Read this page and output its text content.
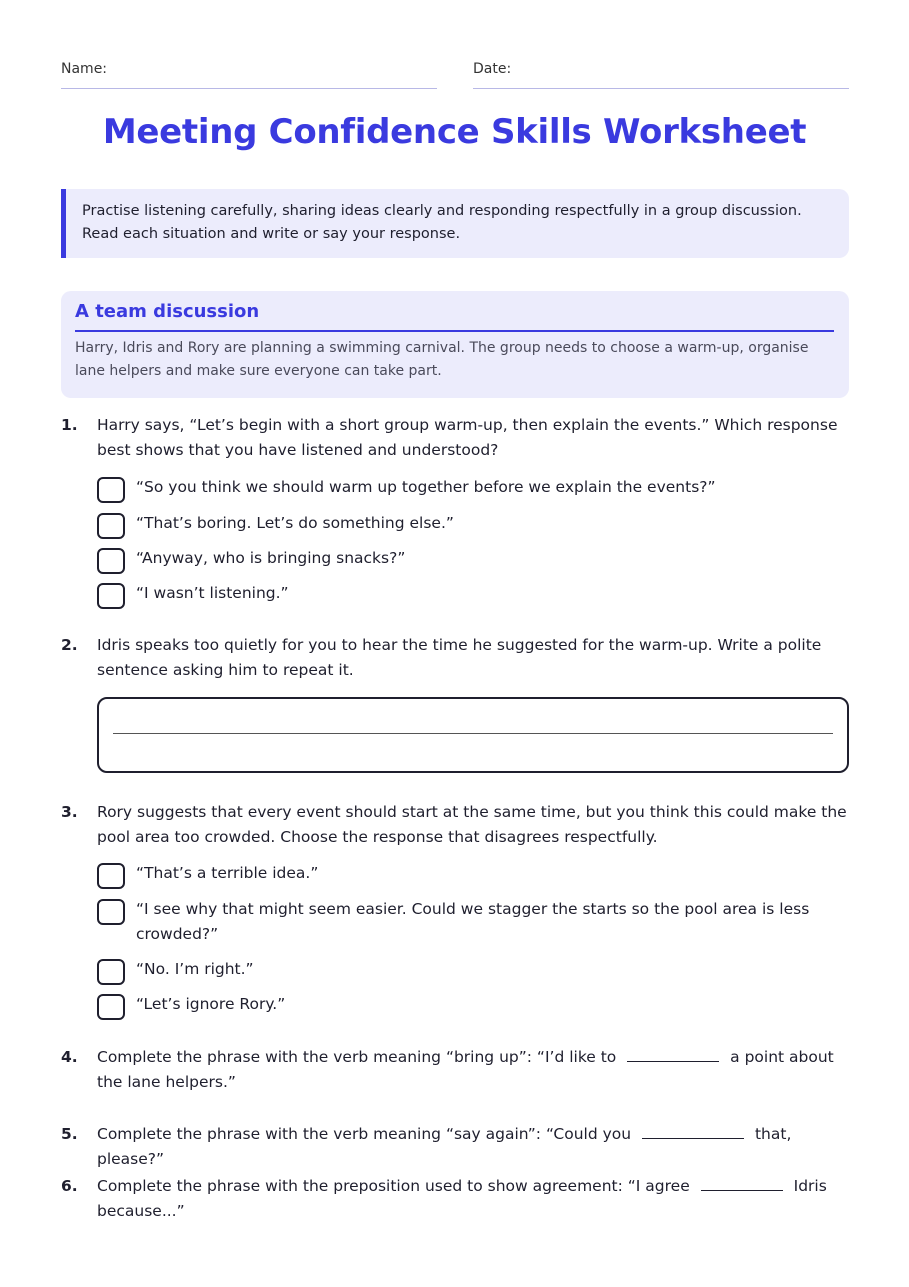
Name:	Date:
Meeting Confidence Skills Worksheet
Practise listening carefully, sharing ideas clearly and responding respectfully in a group discussion. Read each situation and write or say your response.
A team discussion

Harry, Idris and Rory are planning a swimming carnival. The group needs to choose a warm-up, organise lane helpers and make sure everyone can take part.

1. Harry says, “Let’s begin with a short group warm-up, then explain the events.” Which response best shows that you have listened and understood?
“So you think we should warm up together before we explain the events?”
“That’s boring. Let’s do something else.”
“Anyway, who is bringing snacks?”
“I wasn’t listening.”
2. Idris speaks too quietly for you to hear the time he suggested for the warm-up. Write a polite sentence asking him to repeat it.
3. Rory suggests that every event should start at the same time, but you think this could make the pool area too crowded. Choose the response that disagrees respectfully.
“That’s a terrible idea.”
“I see why that might seem easier. Could we stagger the starts so the pool area is less crowded?”
“No. I’m right.”
“Let’s ignore Rory.”
4. Complete the phrase with the verb meaning “bring up”: “I’d like to	a point about the lane helpers.”
5. Complete the phrase with the verb meaning “say again”: “Could you	that, please?”
6. Complete the phrase with the preposition used to show agreement: “I agree	Idris because...”
